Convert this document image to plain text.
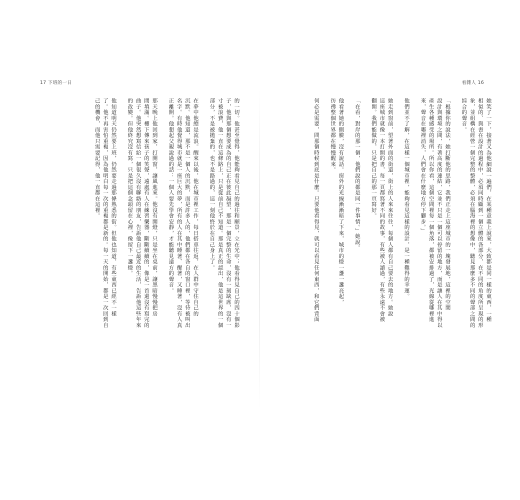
17 下班的一日
的一切。他甚至覺得，他能夠看見自己的過往和願景，立在光中；他看得見自己的四十個影
子，他與那個想要成為的自己正在彼此凝望，那是一個完整的生命，沒有一刻缺席，沒有一
寸被浪費，他一直在這條路上，只是從前自己不知道。那是真正的認出，他是這世界的一個
部分，不是被拋棄的，也不是路過的，這一刻他終於在自己身上了。
在夢中他總是流浪。醒來以後，他在城市裡工作，每日搭車往返，在人群中守住自己的
沉默。他知道，那不是一個人的沉默，而是許多人的，他們都在各自的窗口裡，等待被叫出
名字。有時他覺得城市就是一座巨大的夢，所有的人在其中睡著、醒著，又睡著，沒有人真
正離開。他想起父親說過的話：一個人要先學會安靜，才能聽見遠方的聲音。
那天晚上他回到家，打開窗，讓風進來。他沒有開燈，只是坐在桌前，讓黑暗慢慢把房
間填滿。樓下傳來孩子的笑聲，遠處有人在練習樂器，斷斷續續的，像是一首還沒有寫完的
曲子。他突然想寫信給一個很久沒有聯絡的朋友，告訴他自己最近的生活，告訴他這些年來
的改變。但他終究沒有寫，只是把這個念頭留在心裡，像留下一盞燈。
他知道明天仍然要上班，仍然要走過那條熟悉的街。但他也知道，有些東西已經不一樣
了。他不再害怕重複，因為他明白每一次的重複都是新的。每一天的開始，都是一次回到自
己的機會，而他只需要記得，他一直都在這裡。
看雜人 16
她笑了一下，接著又為他細說一遍們，在某種意義上說來，大致都是同一樣的東西，一種
相似的、與書在設計的過程中，必須同時顧到一個立體的各部分，在不同的角度所呈現的形
象，並組構在經營一個完整的整體，必須在腦海裡的想像中，聽見那麼多不同的聲部之間的
綜合的聲音。
「根據你的說法，她打斷他的思路，我們正走上這座城市的一塊發展地，這裡的空間
設計與環境之間，有著高度的連結，它並不只是一個可以停留的地方，而是讓人在其中得以
產生各種感受的場所。所以你看，這個空間裡每一個角落，都被安排過了，光線從哪裡進
來，聲音在哪裡消失，人們會在什麼地方停下腳步。」
他們並不了解，在這樣一個城市裡，能夠看見這樣的設計，是一種難得的幸運。
她走到窗前，望著外面的街道，街上的人來來往往，每個人都有自己要去的地方。她說
這座城市就像一本打開的書，每一頁都寫著不同的故事，有些被人讀過，有些永遠不會被
翻開。我們能做的，只是把自己的那一頁寫好。
「在看，對岸的那一個，他們說的都是同一件事情。」她說。
他看著她的側臉，沒有說話。窗外的光線漸漸暗了下來，城市的燈一盞一盞亮起，
彷彿整個世界都在慢慢醒來。
何必是需要，問那個時候到底是什麼。只要他看得見，就可以看見任何東西，和它們背面
